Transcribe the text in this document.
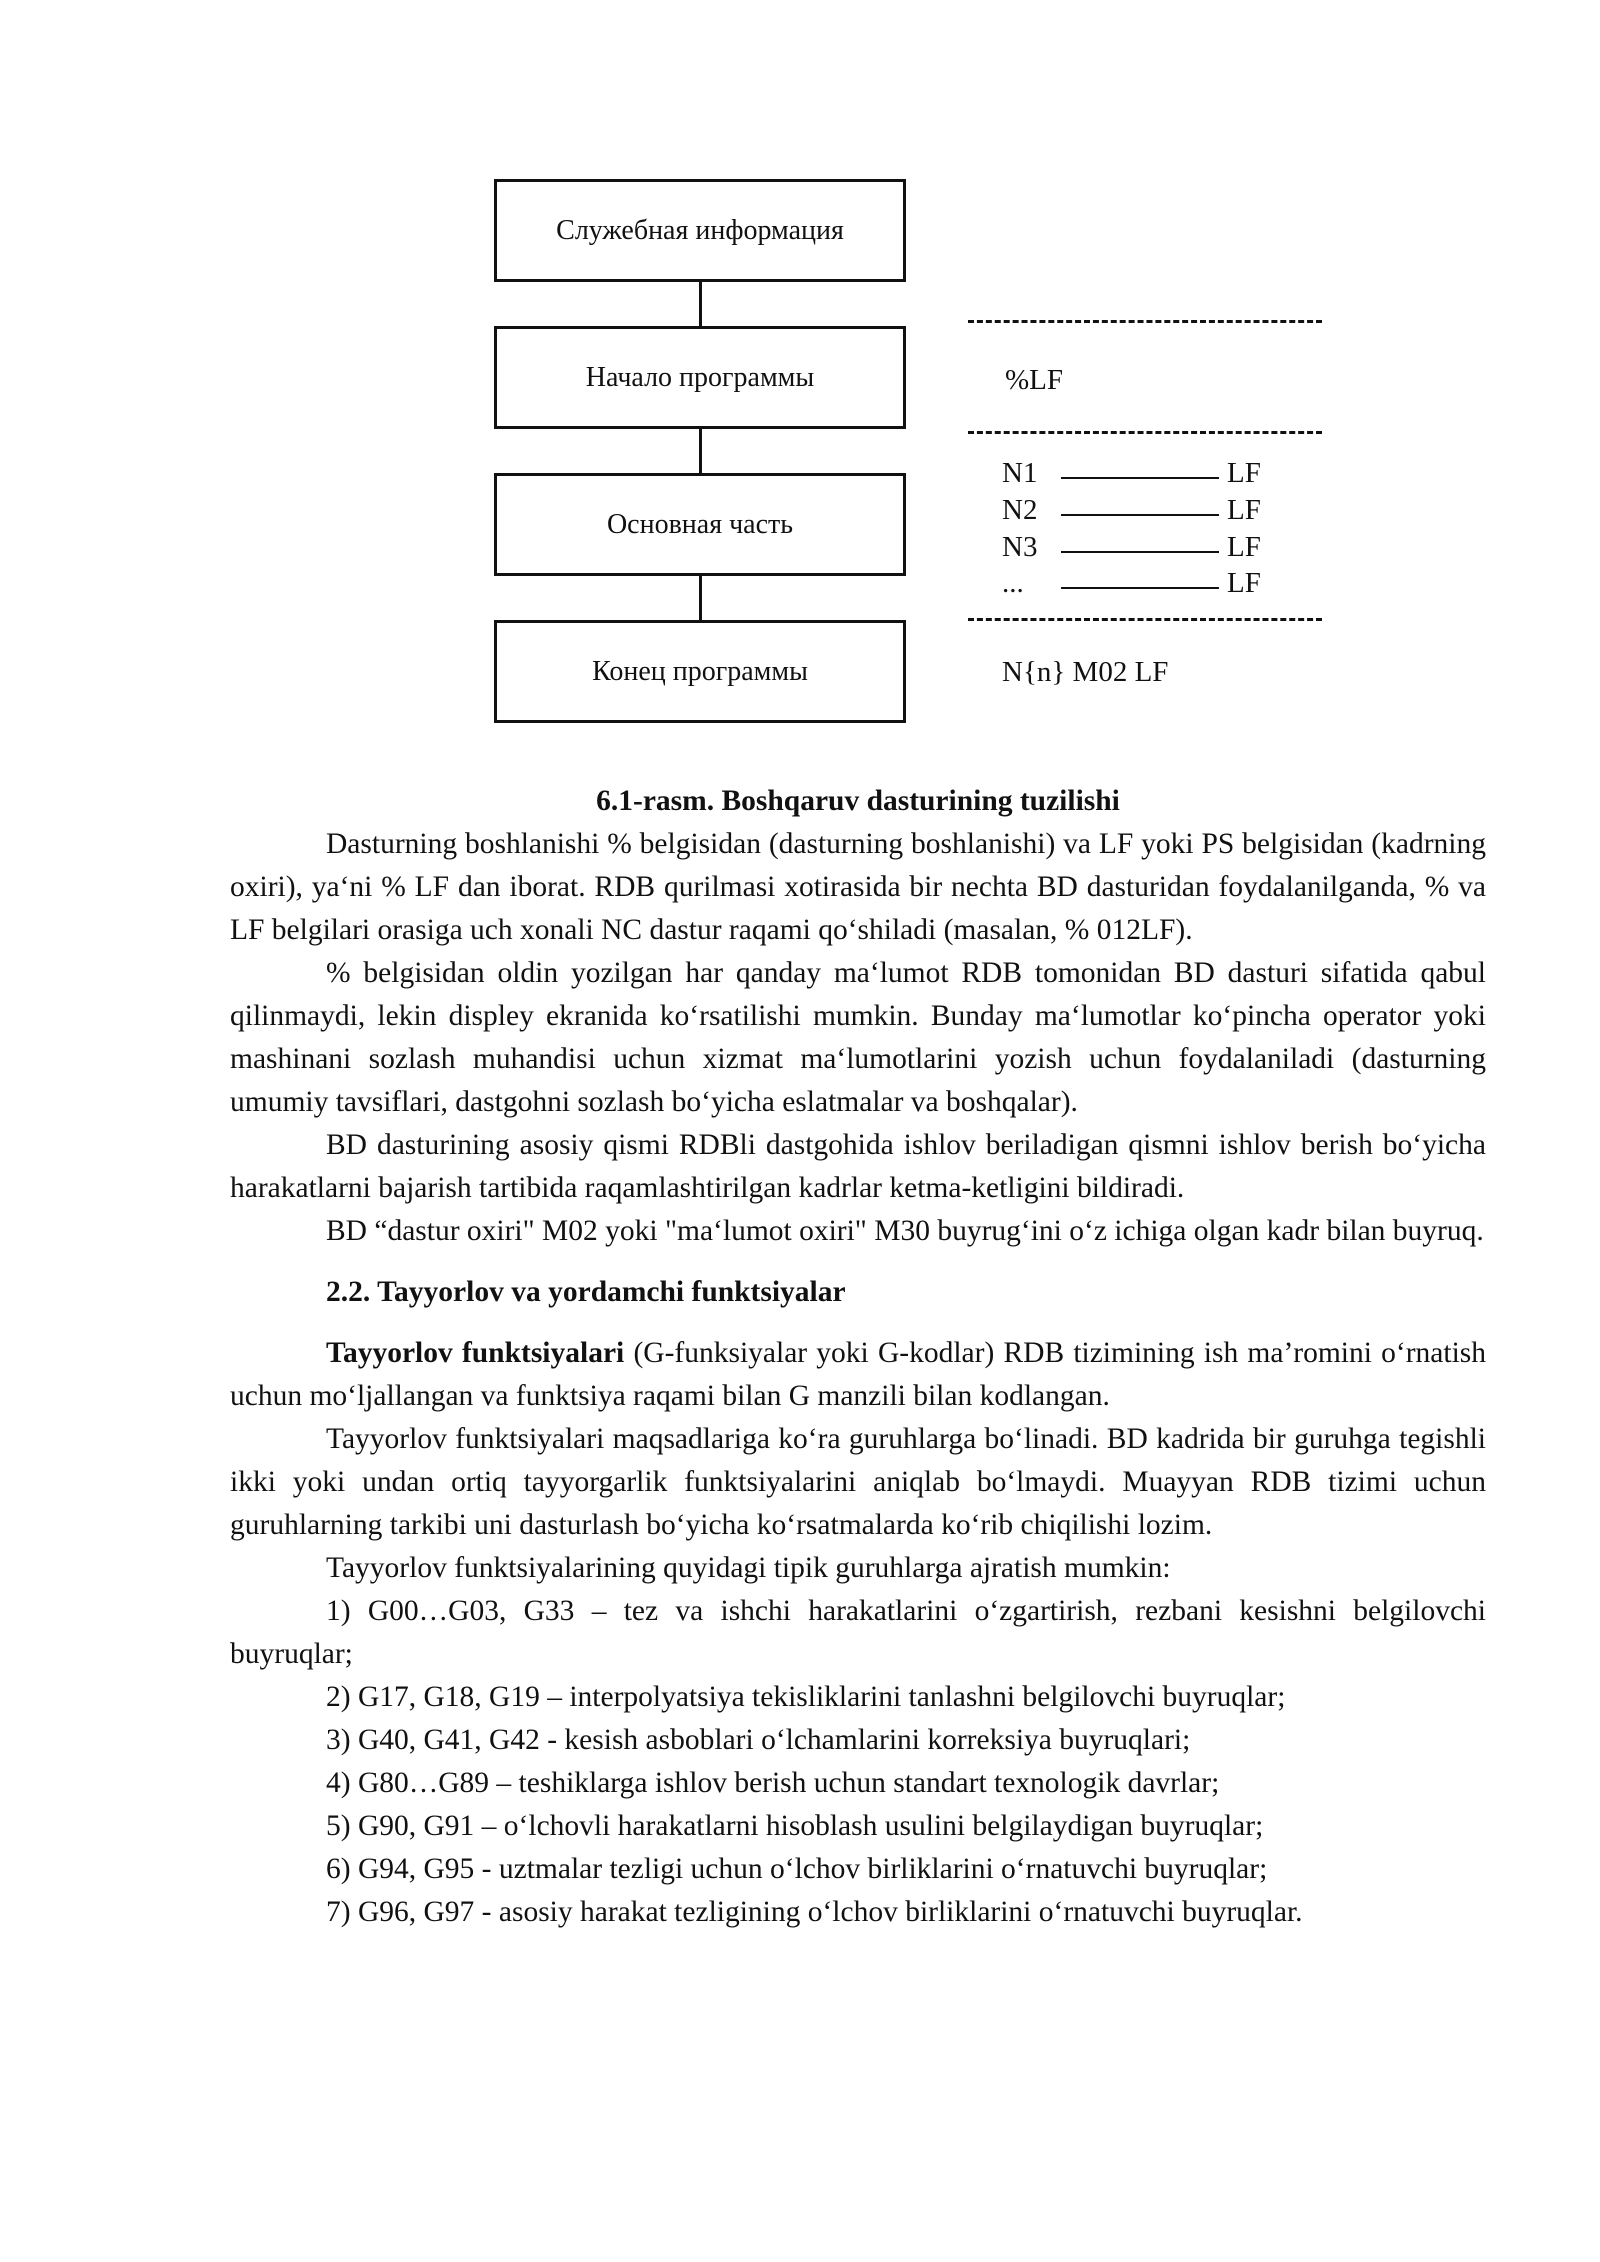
Служебная информация
Начало программы
Основная часть
Конец программы
%LF
N1	LF
N2	LF
N3	LF
...	LF
N{n} M02 LF

6.1-rasm. Boshqaruv dasturining tuzilishi

Dasturning boshlanishi % belgisidan (dasturning boshlanishi) va LF yoki PS belgisidan (kadrning oxiri), yaʻni % LF dan iborat. RDB qurilmasi xotirasida bir nechta BD dasturidan foydalanilganda, % va LF belgilari orasiga uch xonali NC dastur raqami qoʻshiladi (masalan, % 012LF).

% belgisidan oldin yozilgan har qanday maʻlumot RDB tomonidan BD dasturi sifatida qabul qilinmaydi, lekin displey ekranida koʻrsatilishi mumkin. Bunday maʻlumotlar koʻpincha operator yoki mashinani sozlash muhandisi uchun xizmat maʻlumotlarini yozish uchun foydalaniladi (dasturning umumiy tavsiflari, dastgohni sozlash boʻyicha eslatmalar va boshqalar).

BD dasturining asosiy qismi RDBli dastgohida ishlov beriladigan qismni ishlov berish boʻyicha harakatlarni bajarish tartibida raqamlashtirilgan kadrlar ketma-ketligini bildiradi.

BD “dastur oxiri" M02 yoki "maʻlumot oxiri" M30 buyrugʻini oʻz ichiga olgan kadr bilan buyruq.

2.2. Tayyorlov va yordamchi funktsiyalar

Tayyorlov funktsiyalari (G-funksiyalar yoki G-kodlar) RDB tizimining ish ma’romini oʻrnatish uchun moʻljallangan va funktsiya raqami bilan G manzili bilan kodlangan.

Tayyorlov funktsiyalari maqsadlariga koʻra guruhlarga boʻlinadi. BD kadrida bir guruhga tegishli ikki yoki undan ortiq tayyorgarlik funktsiyalarini aniqlab boʻlmaydi. Muayyan RDB tizimi uchun guruhlarning tarkibi uni dasturlash boʻyicha koʻrsatmalarda koʻrib chiqilishi lozim.

Tayyorlov funktsiyalarining quyidagi tipik guruhlarga ajratish mumkin:

1) G00…G03, G33 – tez va ishchi harakatlarini oʻzgartirish, rezbani kesishni belgilovchi buyruqlar;

2) G17, G18, G19 – interpolyatsiya tekisliklarini tanlashni belgilovchi buyruqlar;

3) G40, G41, G42 - kesish asboblari oʻlchamlarini korreksiya buyruqlari;

4) G80…G89 – teshiklarga ishlov berish uchun standart texnologik davrlar;

5) G90, G91 – oʻlchovli harakatlarni hisoblash usulini belgilaydigan buyruqlar;

6) G94, G95 - uztmalar tezligi uchun oʻlchov birliklarini oʻrnatuvchi buyruqlar;

7) G96, G97 - asosiy harakat tezligining oʻlchov birliklarini oʻrnatuvchi buyruqlar.
